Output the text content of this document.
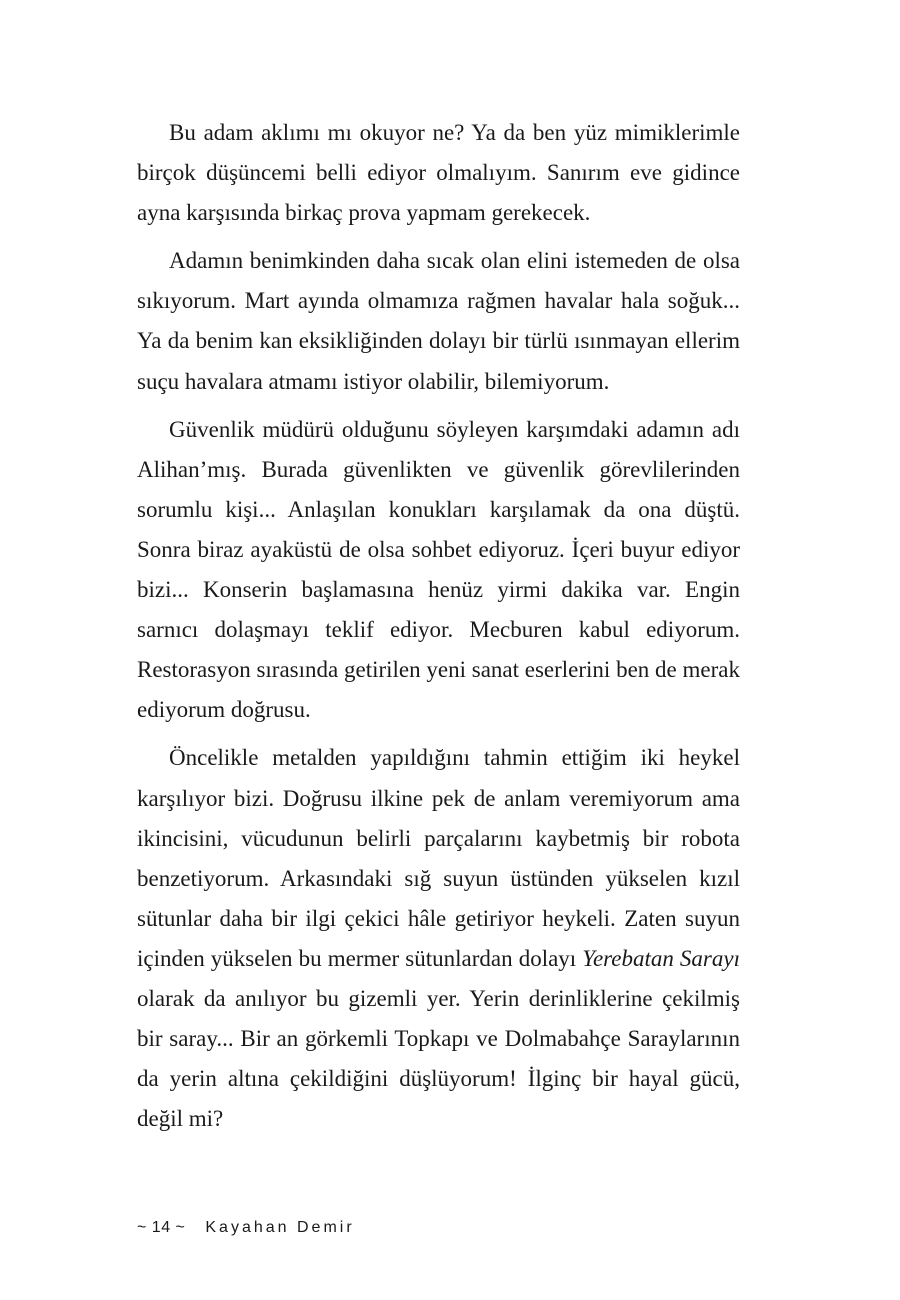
Bu adam aklımı mı okuyor ne? Ya da ben yüz mimiklerimle birçok düşüncemi belli ediyor olmalıyım. Sanırım eve gidince ayna karşısında birkaç prova yapmam gerekecek.

Adamın benimkinden daha sıcak olan elini istemeden de olsa sıkıyorum. Mart ayında olmamıza rağmen havalar hala soğuk... Ya da benim kan eksikliğinden dolayı bir türlü ısınmayan ellerim suçu havalara atmamı istiyor olabilir, bilemiyorum.

Güvenlik müdürü olduğunu söyleyen karşımdaki adamın adı Alihan’mış. Burada güvenlikten ve güvenlik görevlilerinden sorumlu kişi... Anlaşılan konukları karşılamak da ona düştü. Sonra biraz ayaküstü de olsa sohbet ediyoruz. İçeri buyur ediyor bizi... Konserin başlamasına henüz yirmi dakika var. Engin sarnıcı dolaşmayı teklif ediyor. Mecburen kabul ediyorum. Restorasyon sırasında getirilen yeni sanat eserlerini ben de merak ediyorum doğrusu.

Öncelikle metalden yapıldığını tahmin ettiğim iki heykel karşılıyor bizi. Doğrusu ilkine pek de anlam veremiyorum ama ikincisini, vücudunun belirli parçalarını kaybetmiş bir robota benzetiyorum. Arkasındaki sığ suyun üstünden yükselen kızıl sütunlar daha bir ilgi çekici hâle getiriyor heykeli. Zaten suyun içinden yükselen bu mermer sütunlardan dolayı Yerebatan Sarayı olarak da anılıyor bu gizemli yer. Yerin derinliklerine çekilmiş bir saray... Bir an görkemli Topkapı ve Dolmabahçe Saraylarının da yerin altına çekildiğini düşlüyorum! İlginç bir hayal gücü, değil mi?

~ 14 ~ Kayahan Demir
